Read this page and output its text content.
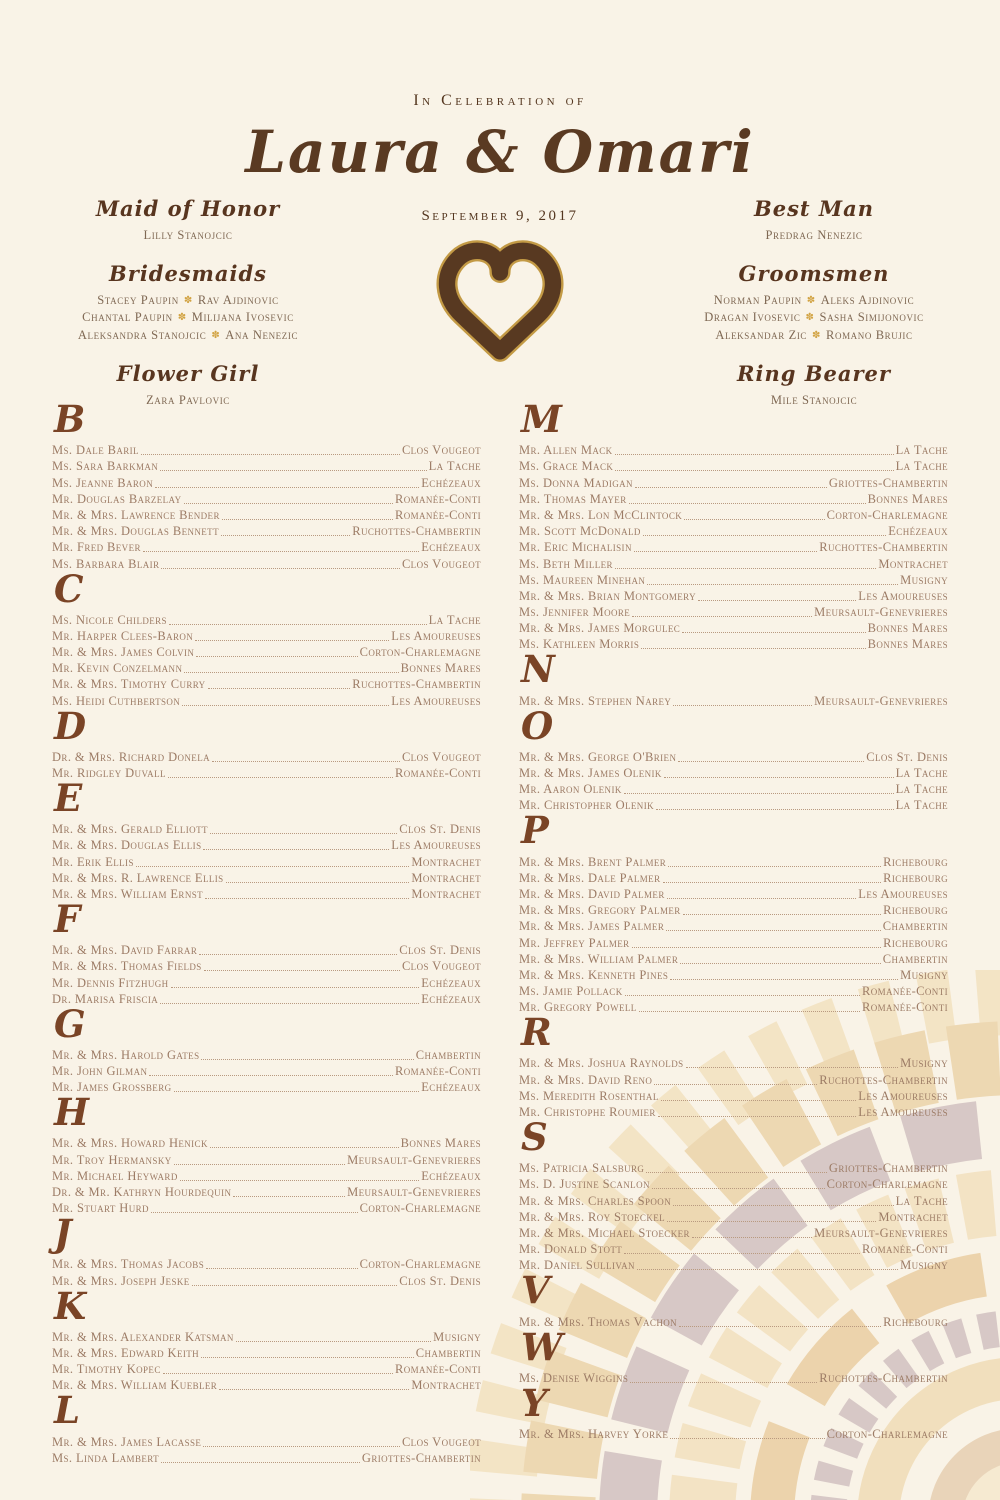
In Celebration of
Laura & Omari
September 9, 2017
Maid of Honor
Lilly Stanojcic
Bridesmaids
Stacey Paupin ✽ Rav Ajdinovic
Chantal Paupin ✽ Milijana Ivosevic
Aleksandra Stanojcic ✽ Ana Nenezic
Flower Girl
Zara Pavlovic
Best Man
Predrag Nenezic
Groomsmen
Norman Paupin ✽ Aleks Ajdinovic
Dragan Ivosevic ✽ Sasha Simijonovic
Aleksandar Zic ✽ Romano Brujic
Ring Bearer
Mile Stanojcic
B
Ms. Dale Baril	Clos Vougeot
Ms. Sara Barkman	La Tache
Ms. Jeanne Baron	Echézeaux
Mr. Douglas Barzelay	Romanée-Conti
Mr. & Mrs. Lawrence Bender	Romanée-Conti
Mr. & Mrs. Douglas Bennett	Ruchottes-Chambertin
Mr. Fred Bever	Echézeaux
Ms. Barbara Blair	Clos Vougeot
C
Ms. Nicole Childers	La Tache
Mr. Harper Clees-Baron	Les Amoureuses
Mr. & Mrs. James Colvin	Corton-Charlemagne
Mr. Kevin Conzelmann	Bonnes Mares
Mr. & Mrs. Timothy Curry	Ruchottes-Chambertin
Ms. Heidi Cuthbertson	Les Amoureuses
D
Dr. & Mrs. Richard Donela	Clos Vougeot
Mr. Ridgley Duvall	Romanée-Conti
E
Mr. & Mrs. Gerald Elliott	Clos St. Denis
Mr. & Mrs. Douglas Ellis	Les Amoureuses
Mr. Erik Ellis	Montrachet
Mr. & Mrs. R. Lawrence Ellis	Montrachet
Mr. & Mrs. William Ernst	Montrachet
F
Mr. & Mrs. David Farrar	Clos St. Denis
Mr. & Mrs. Thomas Fields	Clos Vougeot
Mr. Dennis Fitzhugh	Echézeaux
Dr. Marisa Friscia	Echézeaux
G
Mr. & Mrs. Harold Gates	Chambertin
Mr. John Gilman	Romanée-Conti
Mr. James Grossberg	Echézeaux
H
Mr. & Mrs. Howard Henick	Bonnes Mares
Mr. Troy Hermansky	Meursault-Genevrieres
Mr. Michael Heyward	Echézeaux
Dr. & Mr. Kathryn Hourdequin	Meursault-Genevrieres
Mr. Stuart Hurd	Corton-Charlemagne
J
Mr. & Mrs. Thomas Jacobs	Corton-Charlemagne
Mr. & Mrs. Joseph Jeske	Clos St. Denis
K
Mr. & Mrs. Alexander Katsman	Musigny
Mr. & Mrs. Edward Keith	Chambertin
Mr. Timothy Kopec	Romanée-Conti
Mr. & Mrs. William Kuebler	Montrachet
L
Mr. & Mrs. James Lacasse	Clos Vougeot
Ms. Linda Lambert	Griottes-Chambertin
M
Mr. Allen Mack	La Tache
Ms. Grace Mack	La Tache
Ms. Donna Madigan	Griottes-Chambertin
Mr. Thomas Mayer	Bonnes Mares
Mr. & Mrs. Lon McClintock	Corton-Charlemagne
Mr. Scott McDonald	Echézeaux
Mr. Eric Michalisin	Ruchottes-Chambertin
Ms. Beth Miller	Montrachet
Ms. Maureen Minehan	Musigny
Mr. & Mrs. Brian Montgomery	Les Amoureuses
Ms. Jennifer Moore	Meursault-Genevrieres
Mr. & Mrs. James Morgulec	Bonnes Mares
Ms. Kathleen Morris	Bonnes Mares
N
Mr. & Mrs. Stephen Narey	Meursault-Genevrieres
O
Mr. & Mrs. George O'Brien	Clos St. Denis
Mr. & Mrs. James Olenik	La Tache
Mr. Aaron Olenik	La Tache
Mr. Christopher Olenik	La Tache
P
Mr. & Mrs. Brent Palmer	Richebourg
Mr. & Mrs. Dale Palmer	Richebourg
Mr. & Mrs. David Palmer	Les Amoureuses
Mr. & Mrs. Gregory Palmer	Richebourg
Mr. & Mrs. James Palmer	Chambertin
Mr. Jeffrey Palmer	Richebourg
Mr. & Mrs. William Palmer	Chambertin
Mr. & Mrs. Kenneth Pines	Musigny
Ms. Jamie Pollack	Romanée-Conti
Mr. Gregory Powell	Romanée-Conti
R
Mr. & Mrs. Joshua Raynolds	Musigny
Mr. & Mrs. David Reno	Ruchottes-Chambertin
Ms. Meredith Rosenthal	Les Amoureuses
Mr. Christophe Roumier	Les Amoureuses
S
Ms. Patricia Salsburg	Griottes-Chambertin
Ms. D. Justine Scanlon	Corton-Charlemagne
Mr. & Mrs. Charles Spoon	La Tache
Mr. & Mrs. Roy Stoeckel	Montrachet
Mr. & Mrs. Michael Stoecker	Meursault-Genevrieres
Mr. Donald Stott	Romanée-Conti
Mr. Daniel Sullivan	Musigny
V
Mr. & Mrs. Thomas Vachon	Richebourg
W
Ms. Denise Wiggins	Ruchottes-Chambertin
Y
Mr. & Mrs. Harvey Yorke	Corton-Charlemagne
